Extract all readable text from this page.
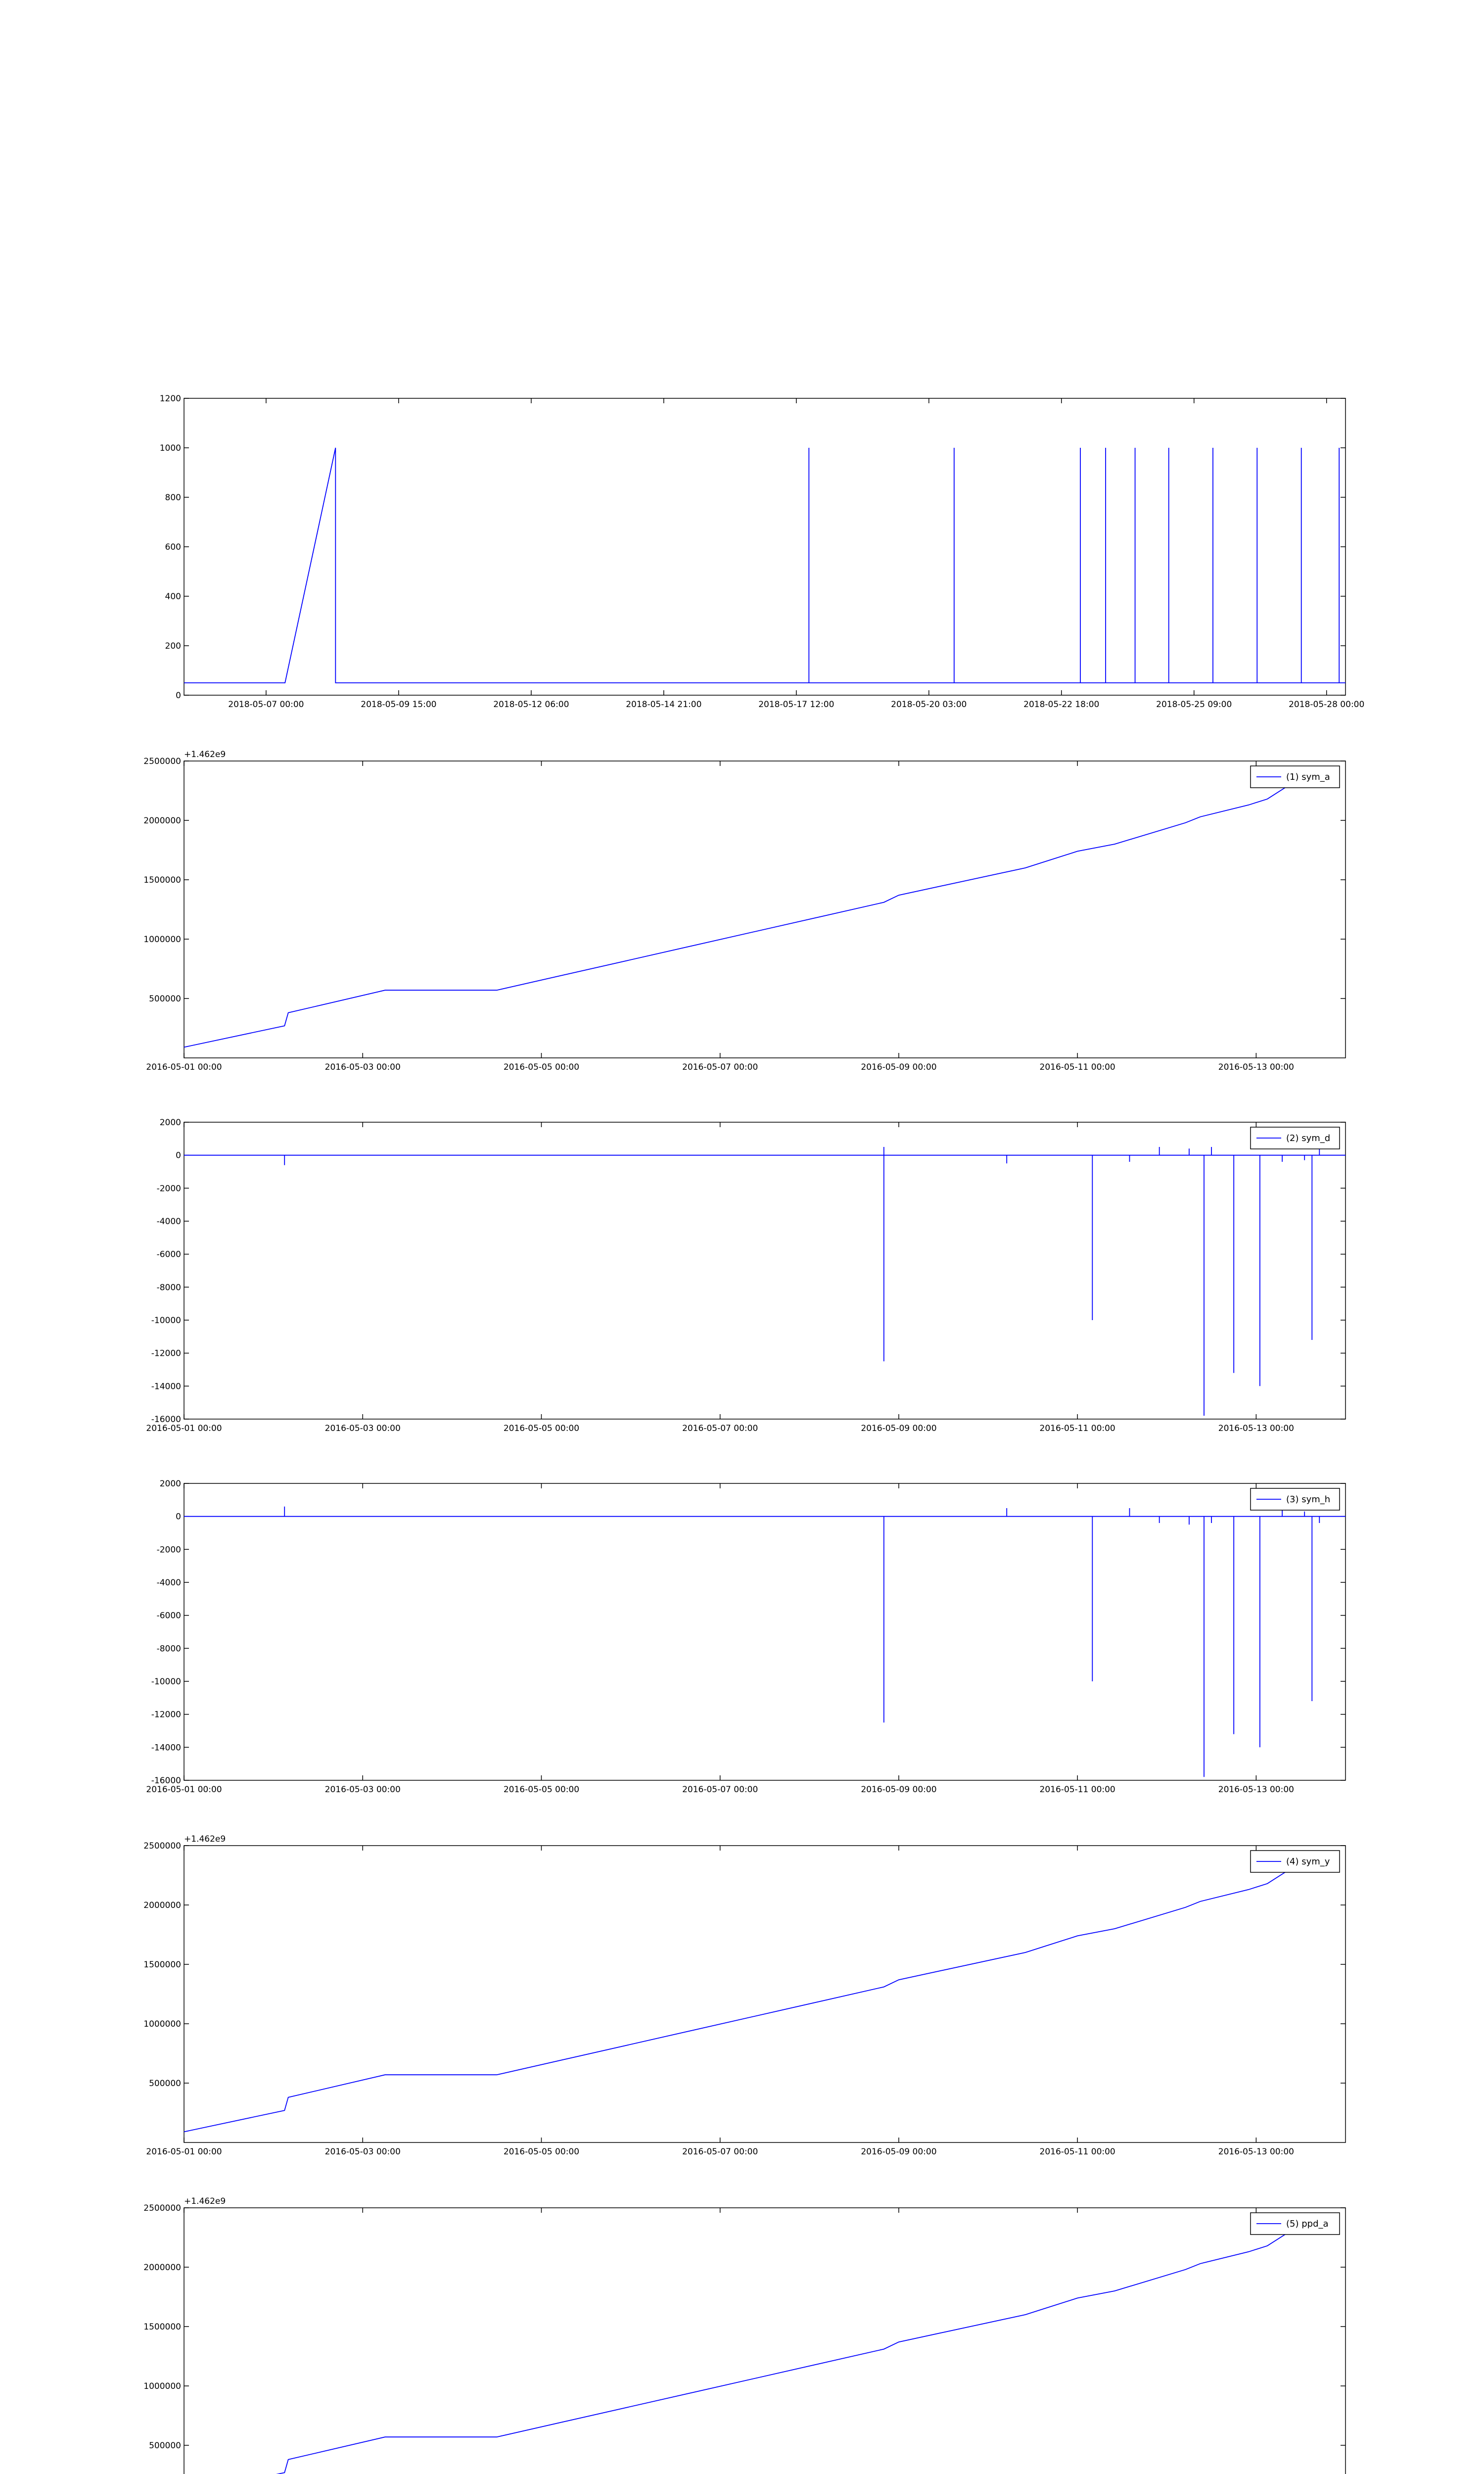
0
200
400
600
800
1000
1200
2018-05-07 00:00	2018-05-09 15:00	2018-05-12 06:00	2018-05-14 21:00	2018-05-17 12:00	2018-05-20 03:00	2018-05-22 18:00	2018-05-25 09:00	2018-05-28 00:00
500000
1000000
1500000
2000000
2500000
2016-05-01 00:00	2016-05-03 00:00	2016-05-05 00:00	2016-05-07 00:00	2016-05-09 00:00	2016-05-11 00:00	2016-05-13 00:00
+1.462e9
(1) sym_a
2000
0
-2000
-4000
-6000
-8000
-10000
-12000
-14000
-16000
2016-05-01 00:00	2016-05-03 00:00	2016-05-05 00:00	2016-05-07 00:00	2016-05-09 00:00	2016-05-11 00:00	2016-05-13 00:00
(2) sym_d
2000
0
-2000
-4000
-6000
-8000
-10000
-12000
-14000
-16000
2016-05-01 00:00	2016-05-03 00:00	2016-05-05 00:00	2016-05-07 00:00	2016-05-09 00:00	2016-05-11 00:00	2016-05-13 00:00
(3) sym_h
500000
1000000
1500000
2000000
2500000
2016-05-01 00:00	2016-05-03 00:00	2016-05-05 00:00	2016-05-07 00:00	2016-05-09 00:00	2016-05-11 00:00	2016-05-13 00:00
+1.462e9
(4) sym_y
500000
1000000
1500000
2000000
2500000
+1.462e9
(5) ppd_a
